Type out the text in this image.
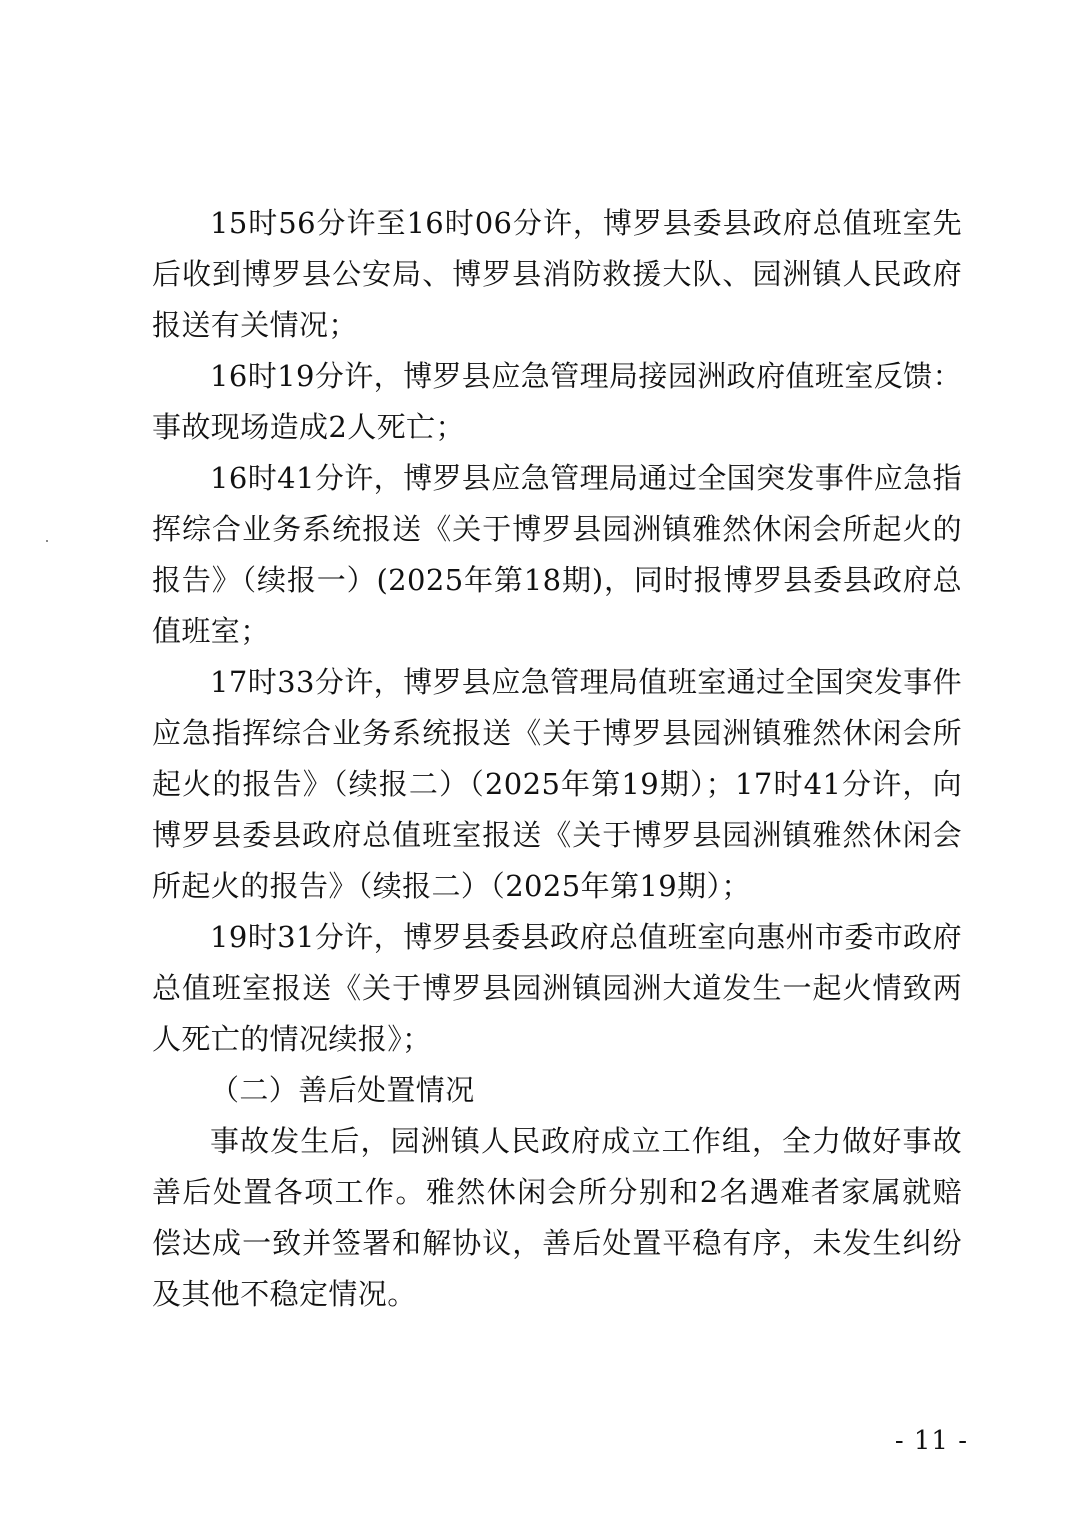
15时56分许至16时06分许，博罗县委县政府总值班室先后收到博罗县公安局、博罗县消防救援大队、园洲镇人民政府报送有关情况；

16时19分许，博罗县应急管理局接园洲政府值班室反馈：事故现场造成2人死亡；

16时41分许，博罗县应急管理局通过全国突发事件应急指挥综合业务系统报送《关于博罗县园洲镇雅然休闲会所起火的报告》（续报一）(2025年第18期)，同时报博罗县委县政府总值班室；

17时33分许，博罗县应急管理局值班室通过全国突发事件应急指挥综合业务系统报送《关于博罗县园洲镇雅然休闲会所起火的报告》（续报二）（2025年第19期）；17时41分许，向博罗县委县政府总值班室报送《关于博罗县园洲镇雅然休闲会所起火的报告》（续报二）（2025年第19期）；

19时31分许，博罗县委县政府总值班室向惠州市委市政府总值班室报送《关于博罗县园洲镇园洲大道发生一起火情致两人死亡的情况续报》；

（二）善后处置情况

事故发生后，园洲镇人民政府成立工作组，全力做好事故善后处置各项工作。雅然休闲会所分别和2名遇难者家属就赔偿达成一致并签署和解协议，善后处置平稳有序，未发生纠纷及其他不稳定情况。

- 11 -
